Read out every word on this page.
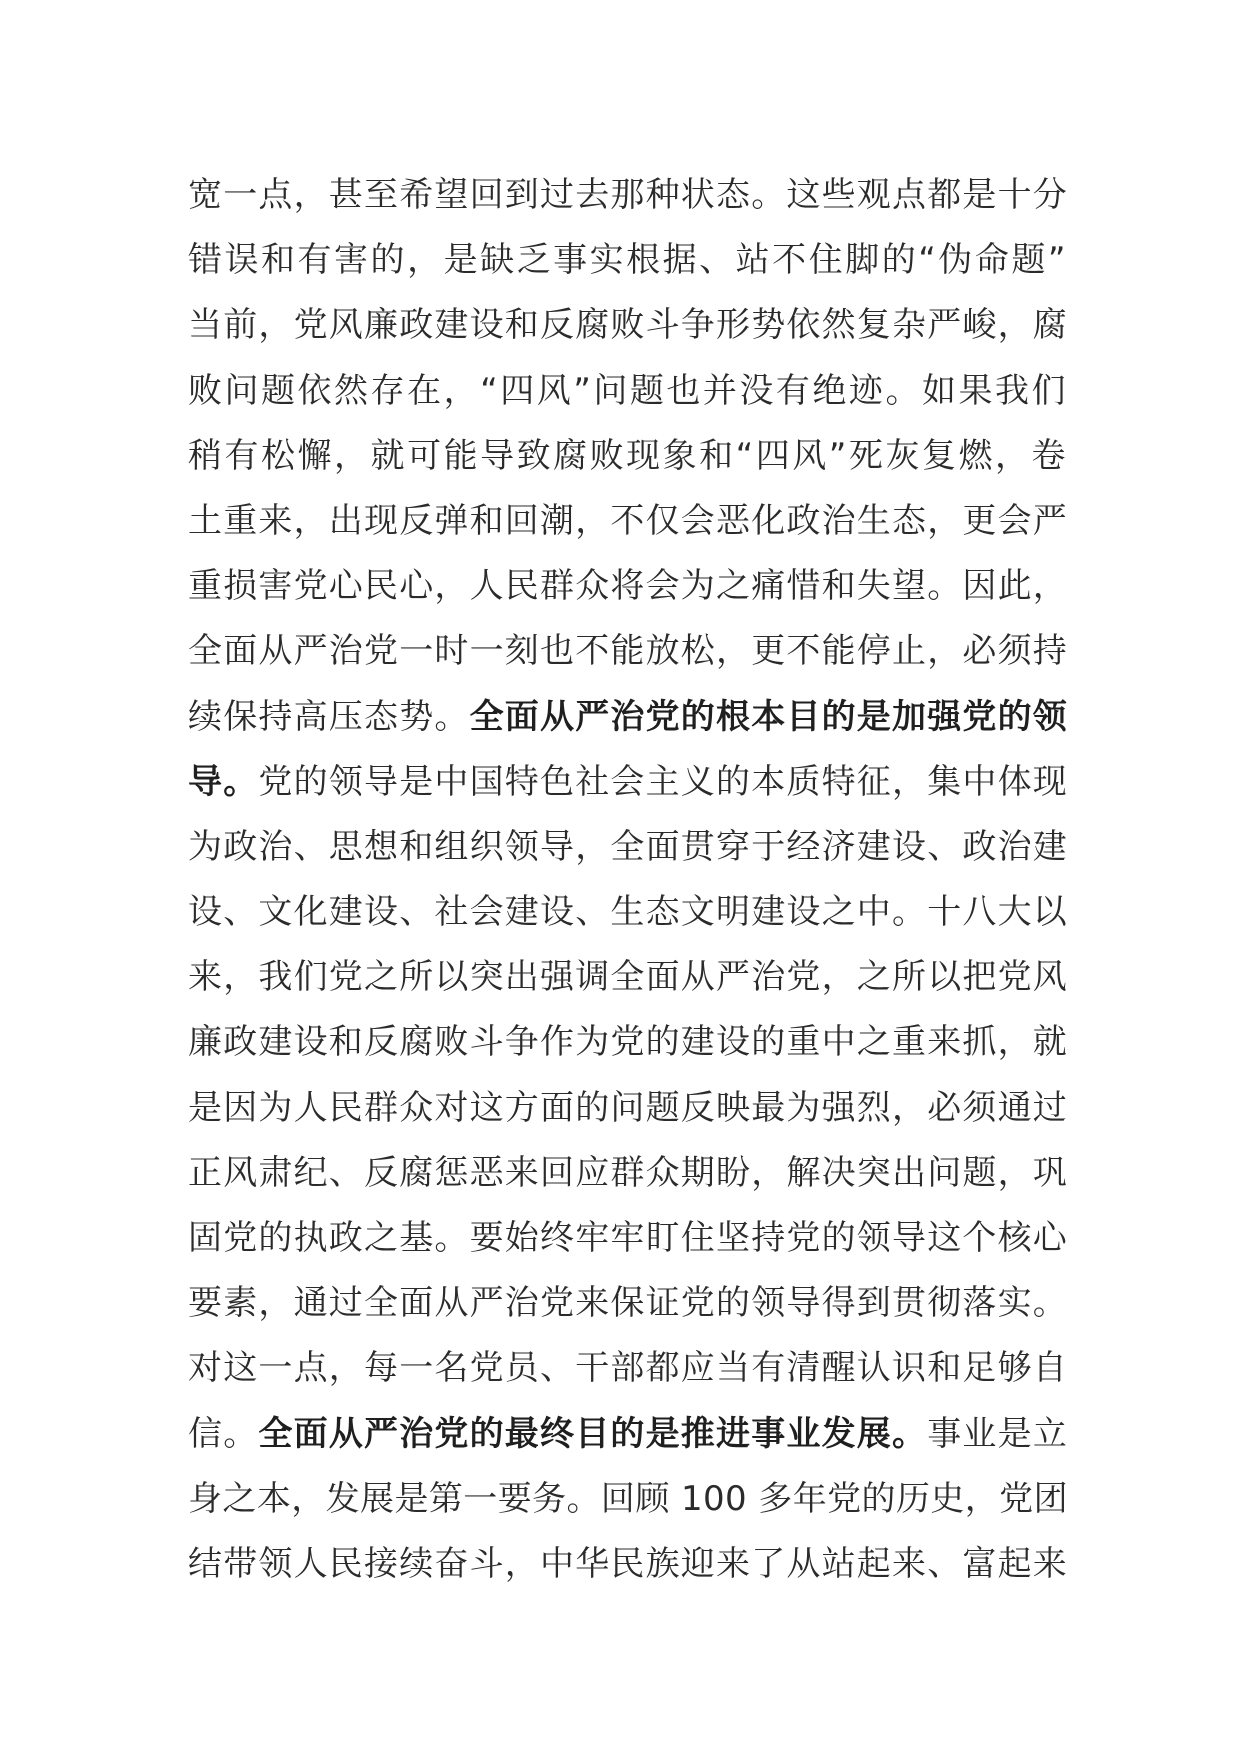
宽一点，甚至希望回到过去那种状态。这些观点都是十分
错误和有害的，是缺乏事实根据、站不住脚的“伪命题”
当前，党风廉政建设和反腐败斗争形势依然复杂严峻，腐
败问题依然存在，“四风”问题也并没有绝迹。如果我们
稍有松懈，就可能导致腐败现象和“四风”死灰复燃，卷
土重来，出现反弹和回潮，不仅会恶化政治生态，更会严
重损害党心民心，人民群众将会为之痛惜和失望。因此，
全面从严治党一时一刻也不能放松，更不能停止，必须持
续保持高压态势。全面从严治党的根本目的是加强党的领
导。党的领导是中国特色社会主义的本质特征，集中体现
为政治、思想和组织领导，全面贯穿于经济建设、政治建
设、文化建设、社会建设、生态文明建设之中。十八大以
来，我们党之所以突出强调全面从严治党，之所以把党风
廉政建设和反腐败斗争作为党的建设的重中之重来抓，就
是因为人民群众对这方面的问题反映最为强烈，必须通过
正风肃纪、反腐惩恶来回应群众期盼，解决突出问题，巩
固党的执政之基。要始终牢牢盯住坚持党的领导这个核心
要素，通过全面从严治党来保证党的领导得到贯彻落实。
对这一点，每一名党员、干部都应当有清醒认识和足够自
信。全面从严治党的最终目的是推进事业发展。事业是立
身之本，发展是第一要务。回顾 100 多年党的历史，党团
结带领人民接续奋斗，中华民族迎来了从站起来、富起来
